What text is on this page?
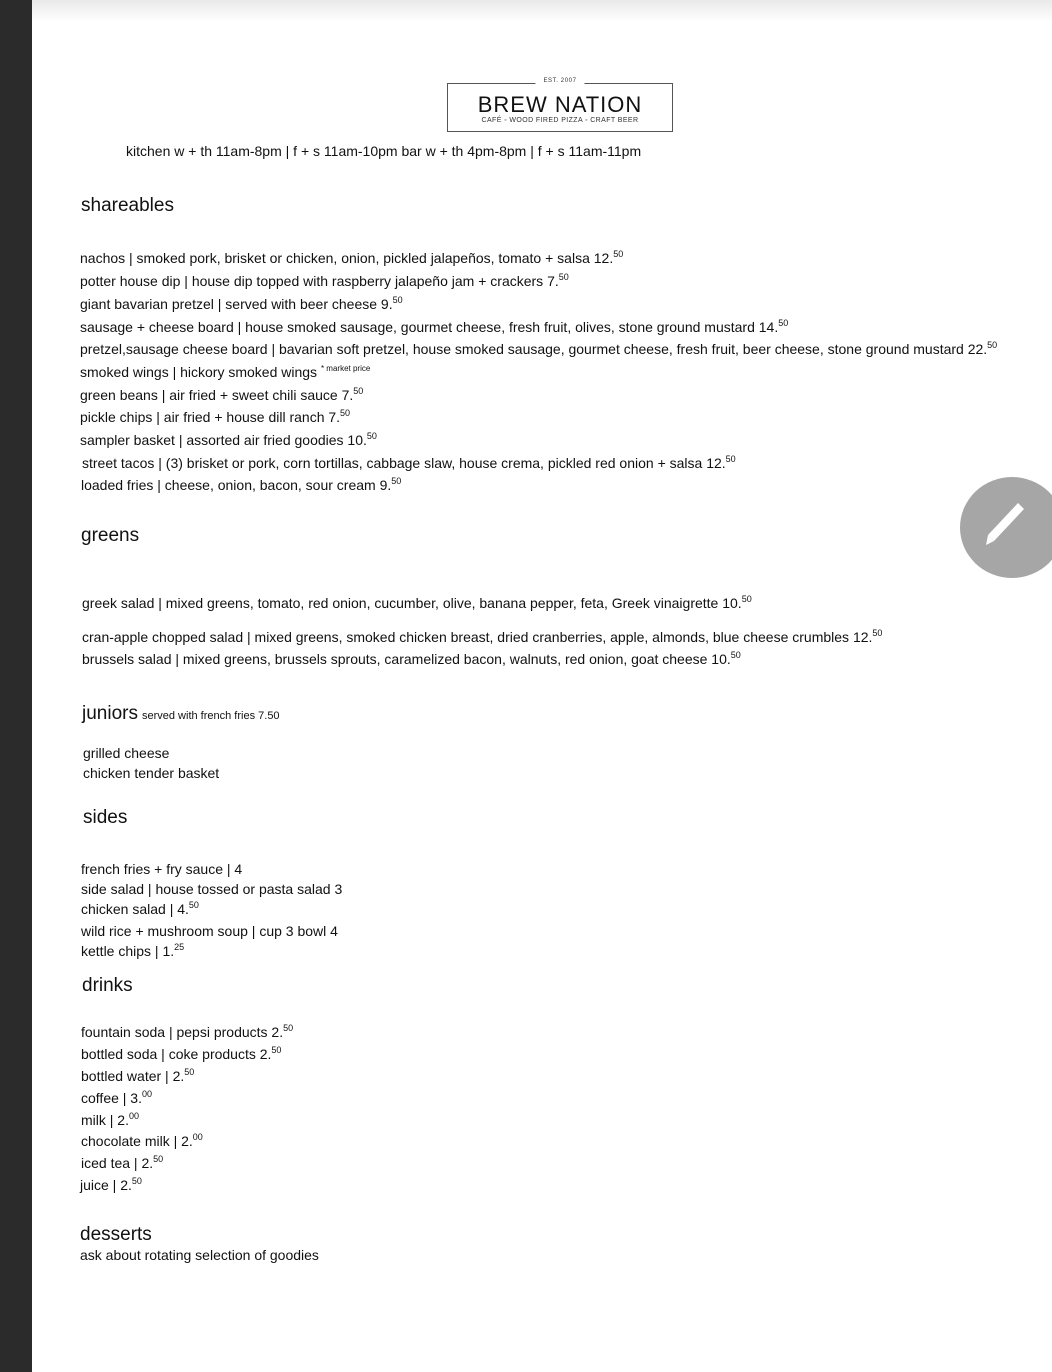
EST. 2007
BREW NATION
CAFÉ ◦ WOOD FIRED PIZZA ◦ CRAFT BEER
kitchen w + th 11am-8pm | f + s 11am-10pm bar w + th 4pm-8pm | f + s 11am-11pm
shareables
nachos | smoked pork, brisket or chicken, onion, pickled jalapeños, tomato + salsa 12.50
potter house dip | house dip topped with raspberry jalapeño jam + crackers 7.50
giant bavarian pretzel | served with beer cheese 9.50
sausage + cheese board | house smoked sausage, gourmet cheese, fresh fruit, olives, stone ground mustard 14.50
pretzel,sausage cheese board | bavarian soft pretzel, house smoked sausage, gourmet cheese, fresh fruit, beer cheese, stone ground mustard 22.50
smoked wings | hickory smoked wings $^{* market price}$
green beans | air fried + sweet chili sauce 7.50
pickle chips | air fried + house dill ranch 7.50
sampler basket | assorted air fried goodies 10.50
street tacos | (3) brisket or pork, corn tortillas, cabbage slaw, house crema, pickled red onion + salsa 12.50
loaded fries | cheese, onion, bacon, sour cream 9.50
greens
greek salad | mixed greens, tomato, red onion, cucumber, olive, banana pepper, feta, Greek vinaigrette 10.50
cran-apple chopped salad | mixed greens, smoked chicken breast, dried cranberries, apple, almonds, blue cheese crumbles 12.50
brussels salad | mixed greens, brussels sprouts, caramelized bacon, walnuts, red onion, goat cheese 10.50
juniors served with french fries 7.50
grilled cheese
chicken tender basket
sides
french fries + fry sauce | 4
side salad | house tossed or pasta salad 3
chicken salad | 4.50
wild rice + mushroom soup | cup 3 bowl 4
kettle chips | 1.25
drinks
fountain soda | pepsi products 2.50
bottled soda | coke products 2.50
bottled water | 2.50
coffee | 3.00
milk | 2.00
chocolate milk | 2.00
iced tea | 2.50
juice | 2.50
desserts
ask about rotating selection of goodies
